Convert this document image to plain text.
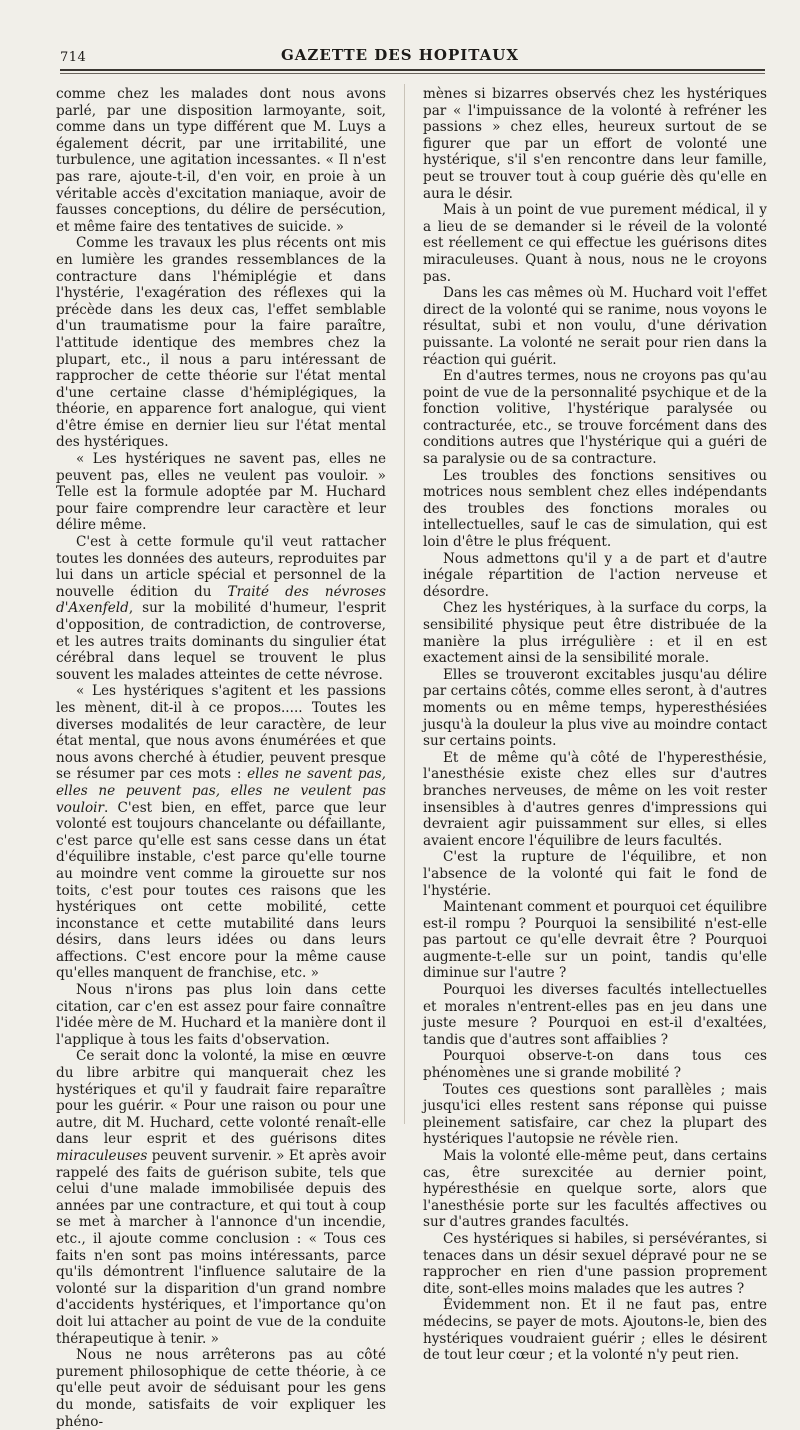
714	GAZETTE DES HOPITAUX

comme chez les malades dont nous avons parlé, par une disposition larmoyante, soit, comme dans un type différent que M. Luys a également décrit, par une irritabilité, une turbulence, une agitation incessantes. « Il n'est pas rare, ajoute-t-il, d'en voir, en proie à un véritable accès d'excitation maniaque, avoir de fausses conceptions, du délire de persécution, et même faire des tentatives de suicide. »

Comme les travaux les plus récents ont mis en lumière les grandes ressemblances de la contracture dans l'hémiplégie et dans l'hystérie, l'exagération des réflexes qui la précède dans les deux cas, l'effet semblable d'un traumatisme pour la faire paraître, l'attitude identique des membres chez la plupart, etc., il nous a paru intéressant de rapprocher de cette théorie sur l'état mental d'une certaine classe d'hémiplégiques, la théorie, en apparence fort analogue, qui vient d'être émise en dernier lieu sur l'état mental des hystériques.

« Les hystériques ne savent pas, elles ne peuvent pas, elles ne veulent pas vouloir. » Telle est la formule adoptée par M. Huchard pour faire comprendre leur caractère et leur délire même.

C'est à cette formule qu'il veut rattacher toutes les données des auteurs, reproduites par lui dans un article spécial et personnel de la nouvelle édition du Traité des névroses d'Axenfeld, sur la mobilité d'humeur, l'esprit d'opposition, de contradiction, de controverse, et les autres traits dominants du singulier état cérébral dans lequel se trouvent le plus souvent les malades atteintes de cette névrose.

« Les hystériques s'agitent et les passions les mènent, dit-il à ce propos..... Toutes les diverses modalités de leur caractère, de leur état mental, que nous avons énumérées et que nous avons cherché à étudier, peuvent presque se résumer par ces mots : elles ne savent pas, elles ne peuvent pas, elles ne veulent pas vouloir. C'est bien, en effet, parce que leur volonté est toujours chancelante ou défaillante, c'est parce qu'elle est sans cesse dans un état d'équilibre instable, c'est parce qu'elle tourne au moindre vent comme la girouette sur nos toits, c'est pour toutes ces raisons que les hystériques ont cette mobilité, cette inconstance et cette mutabilité dans leurs désirs, dans leurs idées ou dans leurs affections. C'est encore pour la même cause qu'elles manquent de franchise, etc. »

Nous n'irons pas plus loin dans cette citation, car c'en est assez pour faire connaître l'idée mère de M. Huchard et la manière dont il l'applique à tous les faits d'observation.

Ce serait donc la volonté, la mise en œuvre du libre arbitre qui manquerait chez les hystériques et qu'il y faudrait faire reparaître pour les guérir. « Pour une raison ou pour une autre, dit M. Huchard, cette volonté renaît-elle dans leur esprit et des guérisons dites miraculeuses peuvent survenir. » Et après avoir rappelé des faits de guérison subite, tels que celui d'une malade immobilisée depuis des années par une contracture, et qui tout à coup se met à marcher à l'annonce d'un incendie, etc., il ajoute comme conclusion : « Tous ces faits n'en sont pas moins intéressants, parce qu'ils démontrent l'influence salutaire de la volonté sur la disparition d'un grand nombre d'accidents hystériques, et l'importance qu'on doit lui attacher au point de vue de la conduite thérapeutique à tenir. »

Nous ne nous arrêterons pas au côté purement philosophique de cette théorie, à ce qu'elle peut avoir de séduisant pour les gens du monde, satisfaits de voir expliquer les phéno-

mènes si bizarres observés chez les hystériques par « l'impuissance de la volonté à refréner les passions » chez elles, heureux surtout de se figurer que par un effort de volonté une hystérique, s'il s'en rencontre dans leur famille, peut se trouver tout à coup guérie dès qu'elle en aura le désir.

Mais à un point de vue purement médical, il y a lieu de se demander si le réveil de la volonté est réellement ce qui effectue les guérisons dites miraculeuses. Quant à nous, nous ne le croyons pas.

Dans les cas mêmes où M. Huchard voit l'effet direct de la volonté qui se ranime, nous voyons le résultat, subi et non voulu, d'une dérivation puissante. La volonté ne serait pour rien dans la réaction qui guérit.

En d'autres termes, nous ne croyons pas qu'au point de vue de la personnalité psychique et de la fonction volitive, l'hystérique paralysée ou contracturée, etc., se trouve forcément dans des conditions autres que l'hystérique qui a guéri de sa paralysie ou de sa contracture.

Les troubles des fonctions sensitives ou motrices nous semblent chez elles indépendants des troubles des fonctions morales ou intellectuelles, sauf le cas de simulation, qui est loin d'être le plus fréquent.

Nous admettons qu'il y a de part et d'autre inégale répartition de l'action nerveuse et désordre.

Chez les hystériques, à la surface du corps, la sensibilité physique peut être distribuée de la manière la plus irrégulière : et il en est exactement ainsi de la sensibilité morale.

Elles se trouveront excitables jusqu'au délire par certains côtés, comme elles seront, à d'autres moments ou en même temps, hyperesthésiées jusqu'à la douleur la plus vive au moindre contact sur certains points.

Et de même qu'à côté de l'hyperesthésie, l'anesthésie existe chez elles sur d'autres branches nerveuses, de même on les voit rester insensibles à d'autres genres d'impressions qui devraient agir puissamment sur elles, si elles avaient encore l'équilibre de leurs facultés.

C'est la rupture de l'équilibre, et non l'absence de la volonté qui fait le fond de l'hystérie.

Maintenant comment et pourquoi cet équilibre est-il rompu ? Pourquoi la sensibilité n'est-elle pas partout ce qu'elle devrait être ? Pourquoi augmente-t-elle sur un point, tandis qu'elle diminue sur l'autre ?

Pourquoi les diverses facultés intellectuelles et morales n'entrent-elles pas en jeu dans une juste mesure ? Pourquoi en est-il d'exaltées, tandis que d'autres sont affaiblies ?

Pourquoi observe-t-on dans tous ces phénomènes une si grande mobilité ?

Toutes ces questions sont parallèles ; mais jusqu'ici elles restent sans réponse qui puisse pleinement satisfaire, car chez la plupart des hystériques l'autopsie ne révèle rien.

Mais la volonté elle-même peut, dans certains cas, être surexcitée au dernier point, hypéresthésie en quelque sorte, alors que l'anesthésie porte sur les facultés affectives ou sur d'autres grandes facultés.

Ces hystériques si habiles, si persévérantes, si tenaces dans un désir sexuel dépravé pour ne se rapprocher en rien d'une passion proprement dite, sont-elles moins malades que les autres ?

Évidemment non. Et il ne faut pas, entre médecins, se payer de mots. Ajoutons-le, bien des hystériques voudraient guérir ; elles le désirent de tout leur cœur ; et la volonté n'y peut rien.
